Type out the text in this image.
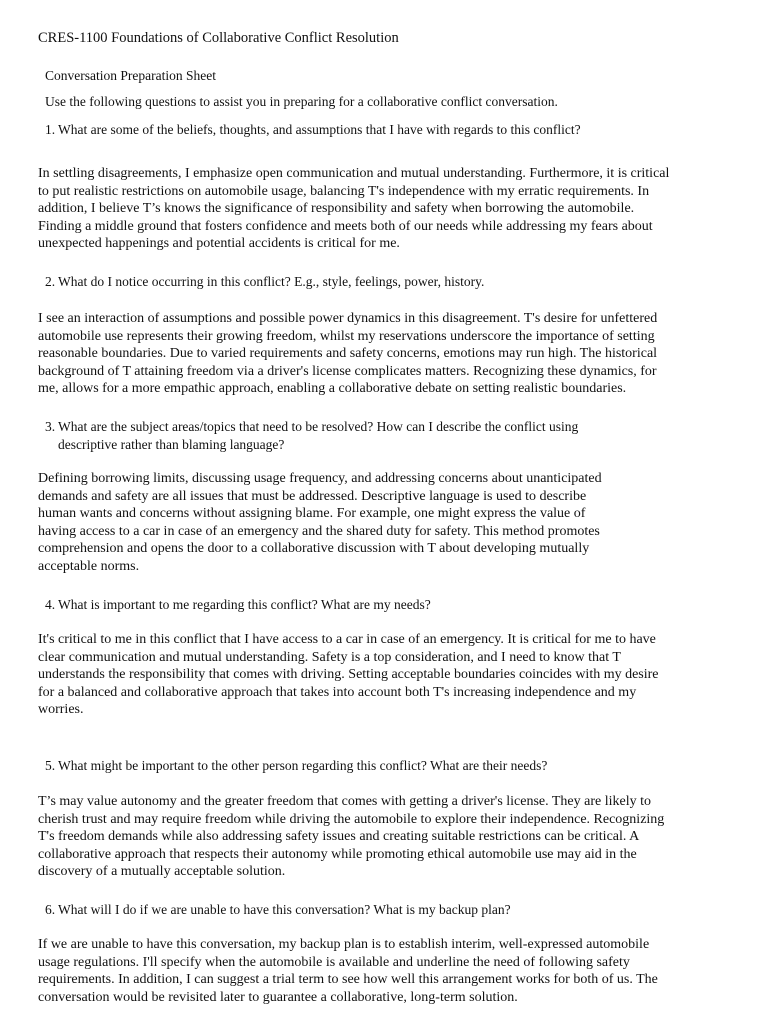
CRES-1100 Foundations of Collaborative Conflict Resolution
Conversation Preparation Sheet
Use the following questions to assist you in preparing for a collaborative conflict conversation.
1. What are some of the beliefs, thoughts, and assumptions that I have with regards to this conflict?
In settling disagreements, I emphasize open communication and mutual understanding. Furthermore, it is critical
to put realistic restrictions on automobile usage, balancing T's independence with my erratic requirements. In
addition, I believe T’s knows the significance of responsibility and safety when borrowing the automobile.
Finding a middle ground that fosters confidence and meets both of our needs while addressing my fears about
unexpected happenings and potential accidents is critical for me.
2. What do I notice occurring in this conflict? E.g., style, feelings, power, history.
I see an interaction of assumptions and possible power dynamics in this disagreement. T's desire for unfettered
automobile use represents their growing freedom, whilst my reservations underscore the importance of setting
reasonable boundaries. Due to varied requirements and safety concerns, emotions may run high. The historical
background of T attaining freedom via a driver's license complicates matters. Recognizing these dynamics, for
me, allows for a more empathic approach, enabling a collaborative debate on setting realistic boundaries.
3. What are the subject areas/topics that need to be resolved? How can I describe the conflict using
descriptive rather than blaming language?
Defining borrowing limits, discussing usage frequency, and addressing concerns about unanticipated
demands and safety are all issues that must be addressed. Descriptive language is used to describe
human wants and concerns without assigning blame. For example, one might express the value of
having access to a car in case of an emergency and the shared duty for safety. This method promotes
comprehension and opens the door to a collaborative discussion with T about developing mutually
acceptable norms.
4. What is important to me regarding this conflict? What are my needs?
It's critical to me in this conflict that I have access to a car in case of an emergency. It is critical for me to have
clear communication and mutual understanding. Safety is a top consideration, and I need to know that T
understands the responsibility that comes with driving. Setting acceptable boundaries coincides with my desire
for a balanced and collaborative approach that takes into account both T's increasing independence and my
worries.
5. What might be important to the other person regarding this conflict? What are their needs?
T’s may value autonomy and the greater freedom that comes with getting a driver's license. They are likely to
cherish trust and may require freedom while driving the automobile to explore their independence. Recognizing
T's freedom demands while also addressing safety issues and creating suitable restrictions can be critical. A
collaborative approach that respects their autonomy while promoting ethical automobile use may aid in the
discovery of a mutually acceptable solution.
6. What will I do if we are unable to have this conversation? What is my backup plan?
If we are unable to have this conversation, my backup plan is to establish interim, well-expressed automobile
usage regulations. I'll specify when the automobile is available and underline the need of following safety
requirements. In addition, I can suggest a trial term to see how well this arrangement works for both of us. The
conversation would be revisited later to guarantee a collaborative, long-term solution.
